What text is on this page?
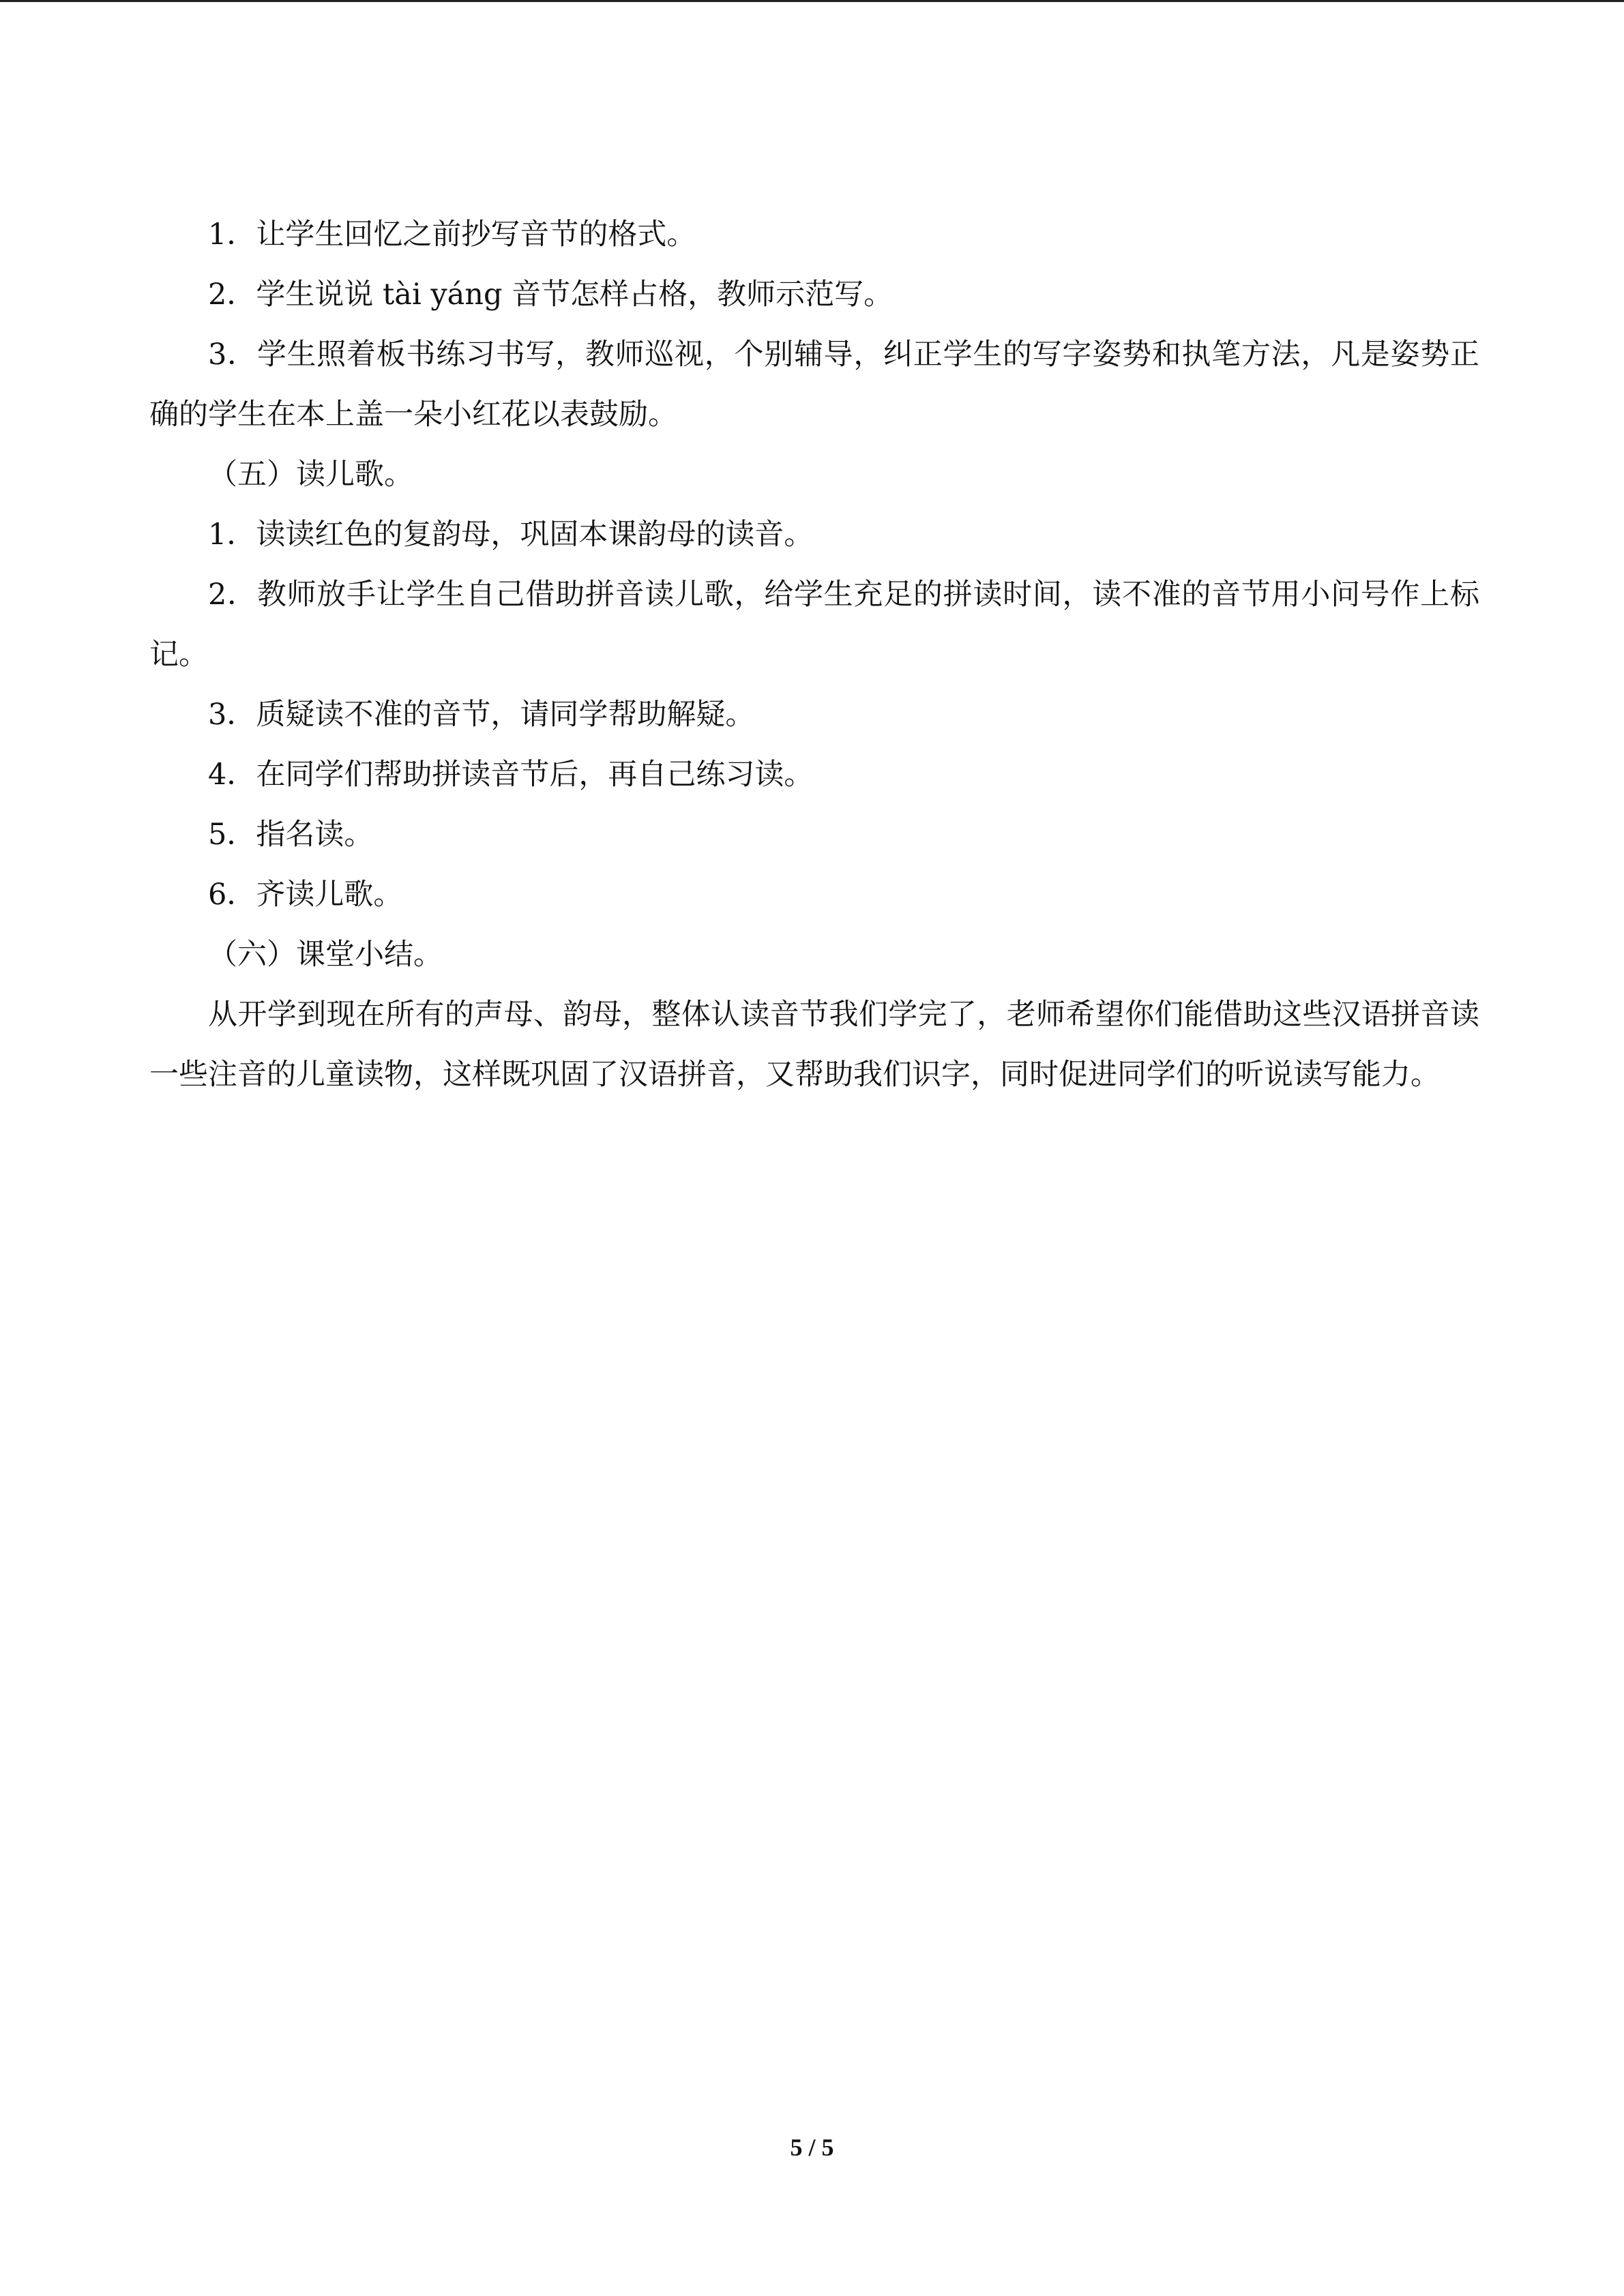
1．让学生回忆之前抄写音节的格式。

2．学生说说 tài yáng 音节怎样占格，教师示范写。

3．学生照着板书练习书写，教师巡视，个别辅导，纠正学生的写字姿势和执笔方法，凡是姿势正确的学生在本上盖一朵小红花以表鼓励。

（五）读儿歌。

1．读读红色的复韵母，巩固本课韵母的读音。

2．教师放手让学生自己借助拼音读儿歌，给学生充足的拼读时间，读不准的音节用小问号作上标记。

3．质疑读不准的音节，请同学帮助解疑。

4．在同学们帮助拼读音节后，再自己练习读。

5．指名读。

6．齐读儿歌。

（六）课堂小结。

从开学到现在所有的声母、韵母，整体认读音节我们学完了，老师希望你们能借助这些汉语拼音读一些注音的儿童读物，这样既巩固了汉语拼音，又帮助我们识字，同时促进同学们的听说读写能力。

5 / 5
